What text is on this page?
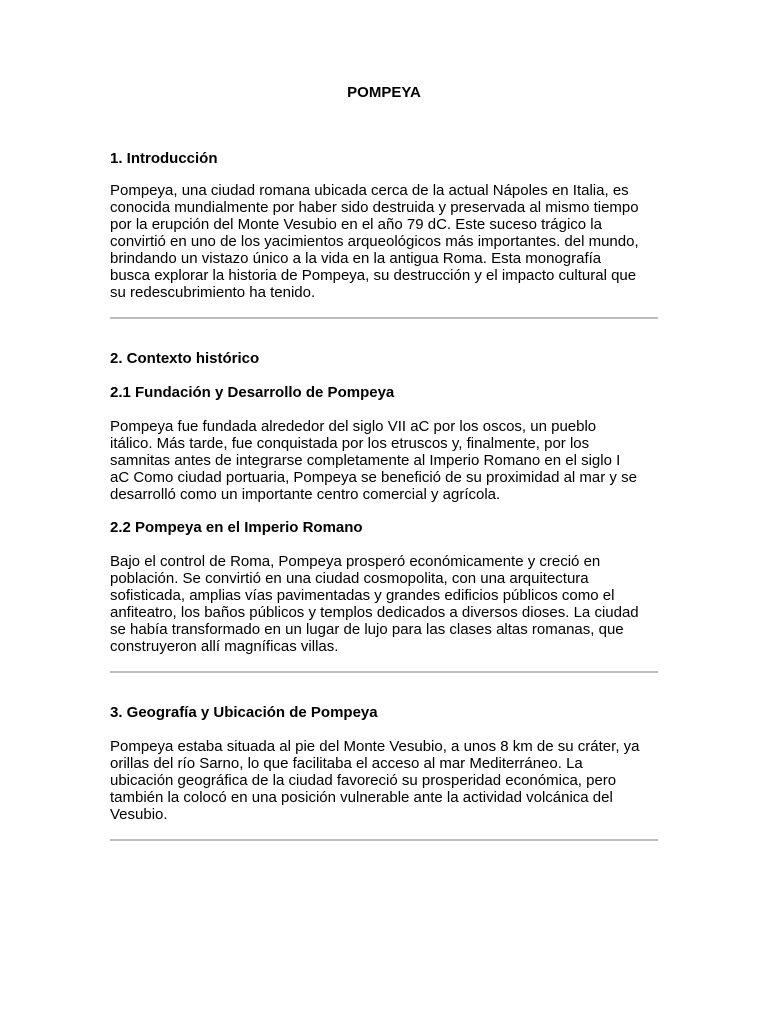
POMPEYA
1. Introducción
Pompeya, una ciudad romana ubicada cerca de la actual Nápoles en Italia, es
conocida mundialmente por haber sido destruida y preservada al mismo tiempo
por la erupción del Monte Vesubio en el año 79 dC. Este suceso trágico la
convirtió en uno de los yacimientos arqueológicos más importantes. del mundo,
brindando un vistazo único a la vida en la antigua Roma. Esta monografía
busca explorar la historia de Pompeya, su destrucción y el impacto cultural que
su redescubrimiento ha tenido.
2. Contexto histórico
2.1 Fundación y Desarrollo de Pompeya
Pompeya fue fundada alrededor del siglo VII aC por los oscos, un pueblo
itálico. Más tarde, fue conquistada por los etruscos y, finalmente, por los
samnitas antes de integrarse completamente al Imperio Romano en el siglo I
aC Como ciudad portuaria, Pompeya se benefició de su proximidad al mar y se
desarrolló como un importante centro comercial y agrícola.
2.2 Pompeya en el Imperio Romano
Bajo el control de Roma, Pompeya prosperó económicamente y creció en
población. Se convirtió en una ciudad cosmopolita, con una arquitectura
sofisticada, amplias vías pavimentadas y grandes edificios públicos como el
anfiteatro, los baños públicos y templos dedicados a diversos dioses. La ciudad
se había transformado en un lugar de lujo para las clases altas romanas, que
construyeron allí magníficas villas.
3. Geografía y Ubicación de Pompeya
Pompeya estaba situada al pie del Monte Vesubio, a unos 8 km de su cráter, ya
orillas del río Sarno, lo que facilitaba el acceso al mar Mediterráneo. La
ubicación geográfica de la ciudad favoreció su prosperidad económica, pero
también la colocó en una posición vulnerable ante la actividad volcánica del
Vesubio.
